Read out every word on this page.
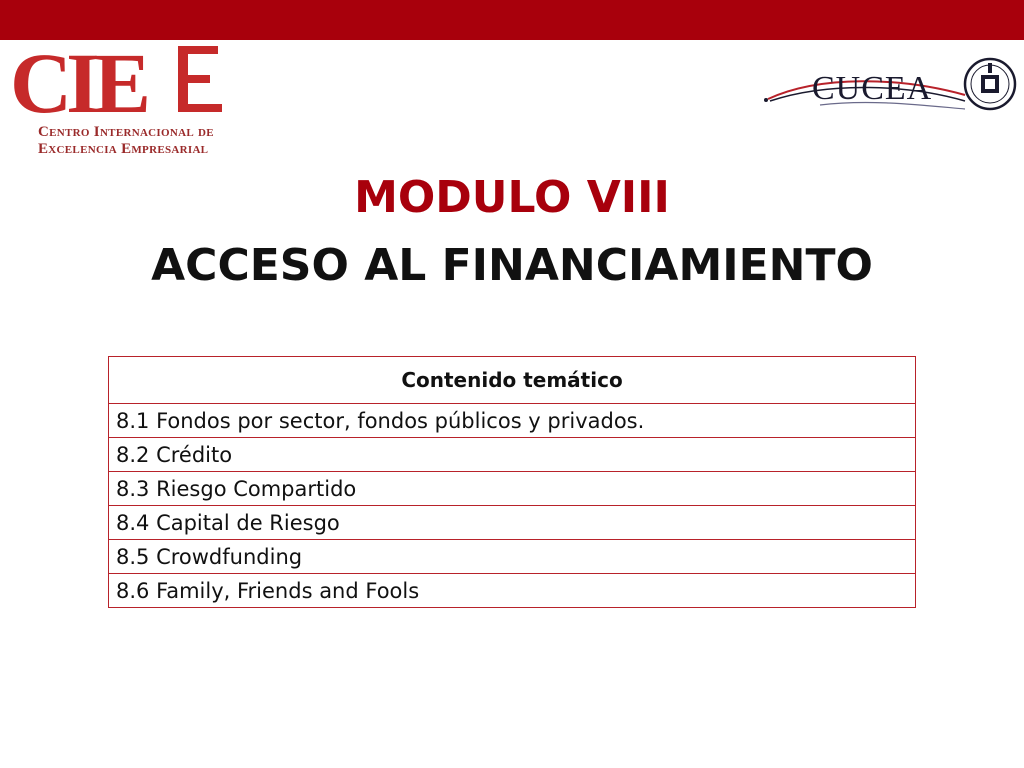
CIE
Centro Internacional de
Excelencia Empresarial
CUCEA
MODULO VIII
ACCESO AL FINANCIAMIENTO
Contenido temático
8.1 Fondos por sector, fondos públicos y privados.
8.2 Crédito
8.3 Riesgo Compartido
8.4 Capital de Riesgo
8.5 Crowdfunding
8.6 Family, Friends and Fools
